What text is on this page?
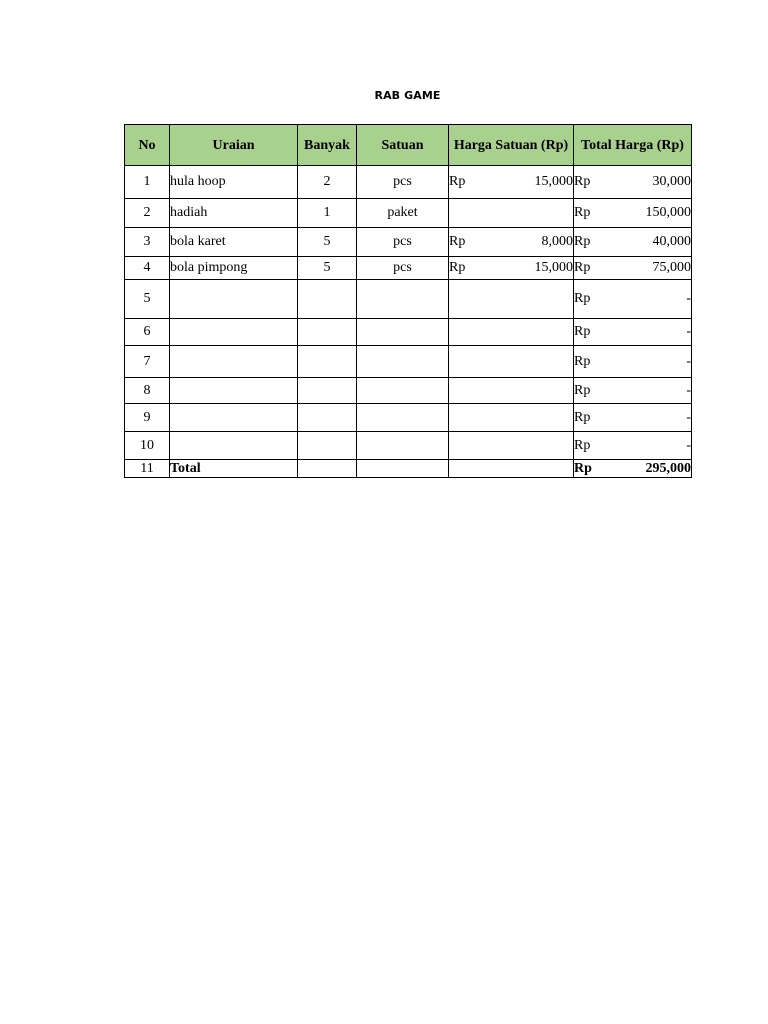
RAB GAME
No	Uraian	Banyak	Satuan	Harga Satuan (Rp)	Total Harga (Rp)
1	hula hoop	2	pcs	Rp 15,000	Rp 30,000

2	hadiah	1	paket		Rp 150,000

3	bola karet	5	pcs	Rp 8,000	Rp 40,000

4	bola pimpong	5	pcs	Rp 15,000	Rp 75,000

5					Rp -

6					Rp -

7					Rp -

8					Rp -

9					Rp -

10					Rp -

11	Total				Rp 295,000
